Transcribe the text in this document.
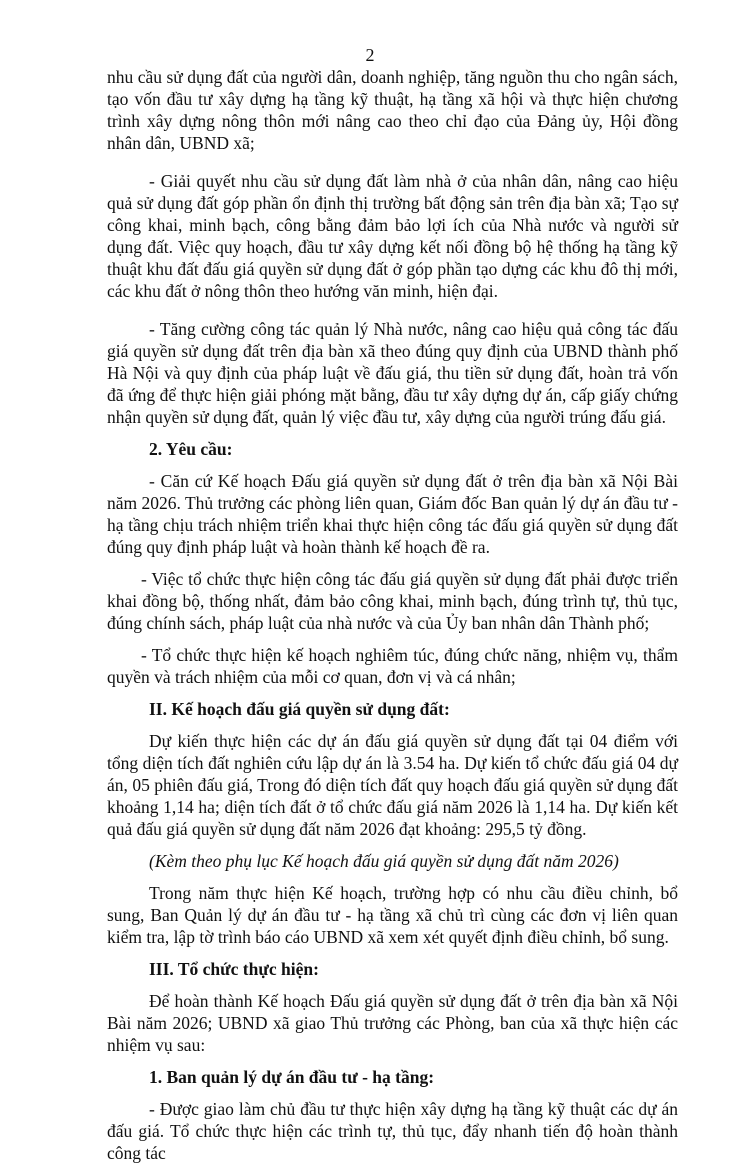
2

nhu cầu sử dụng đất của người dân, doanh nghiệp, tăng nguồn thu cho ngân sách, tạo vốn đầu tư xây dựng hạ tầng kỹ thuật, hạ tầng xã hội và thực hiện chương trình xây dựng nông thôn mới nâng cao theo chỉ đạo của Đảng ủy, Hội đồng nhân dân, UBND xã;

- Giải quyết nhu cầu sử dụng đất làm nhà ở của nhân dân, nâng cao hiệu quả sử dụng đất góp phần ổn định thị trường bất động sản trên địa bàn xã; Tạo sự công khai, minh bạch, công bằng đảm bảo lợi ích của Nhà nước và người sử dụng đất. Việc quy hoạch, đầu tư xây dựng kết nối đồng bộ hệ thống hạ tầng kỹ thuật khu đất đấu giá quyền sử dụng đất ở góp phần tạo dựng các khu đô thị mới, các khu đất ở nông thôn theo hướng văn minh, hiện đại.

- Tăng cường công tác quản lý Nhà nước, nâng cao hiệu quả công tác đấu giá quyền sử dụng đất trên địa bàn xã theo đúng quy định của UBND thành phố Hà Nội và quy định của pháp luật về đấu giá, thu tiền sử dụng đất, hoàn trả vốn đã ứng để thực hiện giải phóng mặt bằng, đầu tư xây dựng dự án, cấp giấy chứng nhận quyền sử dụng đất, quản lý việc đầu tư, xây dựng của người trúng đấu giá.

2. Yêu cầu:

- Căn cứ Kế hoạch Đấu giá quyền sử dụng đất ở trên địa bàn xã Nội Bài năm 2026. Thủ trưởng các phòng liên quan, Giám đốc Ban quản lý dự án đầu tư - hạ tầng chịu trách nhiệm triển khai thực hiện công tác đấu giá quyền sử dụng đất đúng quy định pháp luật và hoàn thành kế hoạch đề ra.

- Việc tổ chức thực hiện công tác đấu giá quyền sử dụng đất phải được triển khai đồng bộ, thống nhất, đảm bảo công khai, minh bạch, đúng trình tự, thủ tục, đúng chính sách, pháp luật của nhà nước và của Ủy ban nhân dân Thành phố;

- Tổ chức thực hiện kế hoạch nghiêm túc, đúng chức năng, nhiệm vụ, thẩm quyền và trách nhiệm của mỗi cơ quan, đơn vị và cá nhân;

II. Kế hoạch đấu giá quyền sử dụng đất:

Dự kiến thực hiện các dự án đấu giá quyền sử dụng đất tại 04 điểm với tổng diện tích đất nghiên cứu lập dự án là 3.54 ha. Dự kiến tổ chức đấu giá 04 dự án, 05 phiên đấu giá, Trong đó diện tích đất quy hoạch đấu giá quyền sử dụng đất khoảng 1,14 ha; diện tích đất ở tổ chức đấu giá năm 2026 là 1,14 ha. Dự kiến kết quả đấu giá quyền sử dụng đất năm 2026 đạt khoảng: 295,5 tỷ đồng.

(Kèm theo phụ lục Kế hoạch đấu giá quyền sử dụng đất năm 2026)

Trong năm thực hiện Kế hoạch, trường hợp có nhu cầu điều chỉnh, bổ sung, Ban Quản lý dự án đầu tư - hạ tầng xã chủ trì cùng các đơn vị liên quan kiểm tra, lập tờ trình báo cáo UBND xã xem xét quyết định điều chỉnh, bổ sung.

III. Tổ chức thực hiện:

Để hoàn thành Kế hoạch Đấu giá quyền sử dụng đất ở trên địa bàn xã Nội Bài năm 2026; UBND xã giao Thủ trưởng các Phòng, ban của xã thực hiện các nhiệm vụ sau:

1. Ban quản lý dự án đầu tư - hạ tầng:

- Được giao làm chủ đầu tư thực hiện xây dựng hạ tầng kỹ thuật các dự án đấu giá. Tổ chức thực hiện các trình tự, thủ tục, đẩy nhanh tiến độ hoàn thành công tác
